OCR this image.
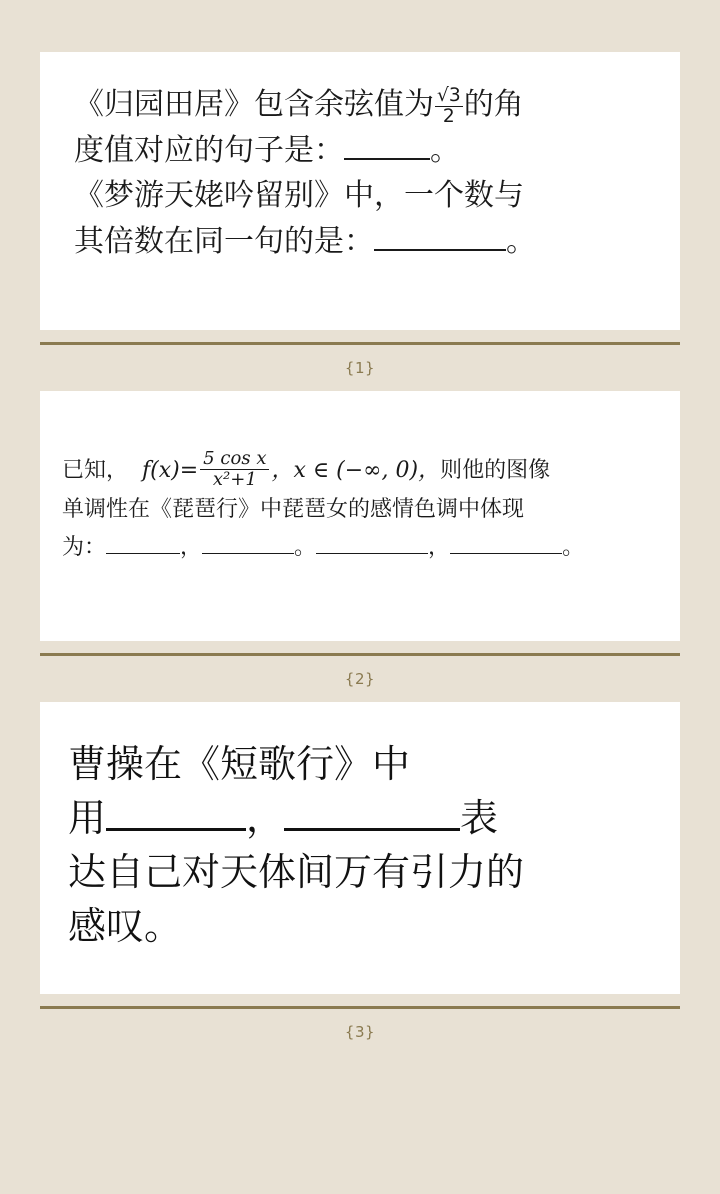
《归园田居》包含余弦值为 $\frac{√3}{2}$ 的角
度值对应的句子是：	。
《梦游天姥吟留别》中，一个数与
其倍数在同一句的是：	。
{1}
已知， $f(x)= \frac{\text{5 cos x}}{\text{x²+1}}$ ，x ∈ (−∞, 0)，则他的图像
单调性在《琵琶行》中琵琶女的感情色调中体现
为：	，	。	，	。
{2}
曹操在《短歌行》中
用	，	表
达自己对天体间万有引力的
感叹。
{3}
